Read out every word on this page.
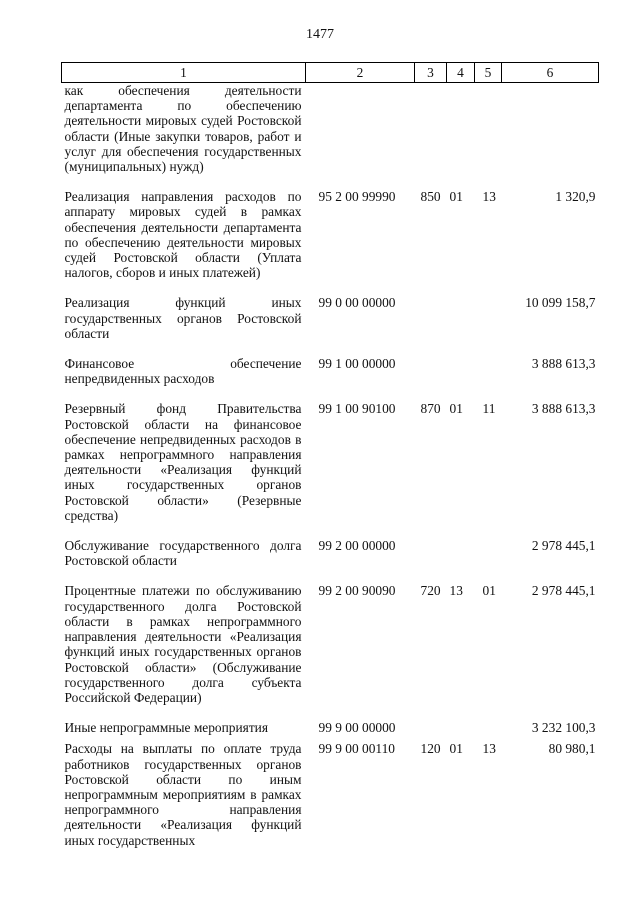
1477
1	2	3	4	5	6
как обеспечения деятельности департамента по обеспечению деятельности мировых судей Ростовской области (Иные закупки товаров, работ и услуг для обеспечения государственных (муниципальных) нужд)					
Реализация направления расходов по аппарату мировых судей в рамках обеспечения деятельности департамента по обеспечению деятельности мировых судей Ростовской области (Уплата налогов, сборов и иных платежей)	95 2 00 99990	850	01	13	1 320,9
Реализация функций иных государственных органов Ростовской области	99 0 00 00000				10 099 158,7
Финансовое обеспечение непредвиденных расходов	99 1 00 00000				3 888 613,3
Резервный фонд Правительства Ростовской области на финансовое обеспечение непредвиденных расходов в рамках непрограммного направления деятельности «Реализация функций иных государственных органов Ростовской области» (Резервные средства)	99 1 00 90100	870	01	11	3 888 613,3
Обслуживание государственного долга Ростовской области	99 2 00 00000				2 978 445,1
Процентные платежи по обслуживанию государственного долга Ростовской области в рамках непрограммного направления деятельности «Реализация функций иных государственных органов Ростовской области» (Обслуживание государственного долга субъекта Российской Федерации)	99 2 00 90090	720	13	01	2 978 445,1
Иные непрограммные мероприятия	99 9 00 00000				3 232 100,3
Расходы на выплаты по оплате труда работников государственных органов Ростовской области по иным непрограммным мероприятиям в рамках непрограммного направления деятельности «Реализация функций иных государственных	99 9 00 00110	120	01	13	80 980,1
